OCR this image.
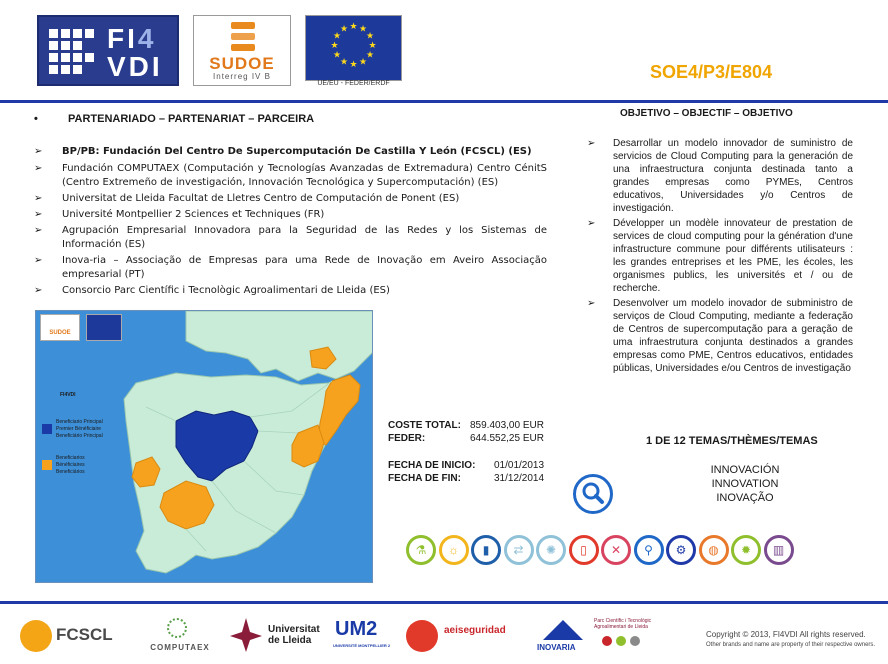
FI4
VDI	SUDOE
Interreg IV B
★ ★
★
★
★
★
★
★
★
★
★
★
UE/EU - FEDER/ERDF
SOE4/P3/E804
•	PARTENARIADO – PARTENARIAT – PARCEIRA
➢ BP/PB: Fundación Del Centro De Supercomputación De Castilla Y León (FCSCL) (ES)
➢ Fundación COMPUTAEX (Computación y Tecnologías Avanzadas de Extremadura) Centro CénitS (Centro Extremeño de investigación, Innovación Tecnológica y Supercomputación) (ES)
➢ Universitat de Lleida Facultat de Lletres Centro de Computación de Ponent (ES)
➢ Université Montpellier 2 Sciences et Techniques (FR)
➢ Agrupación Empresarial Innovadora para la Seguridad de las Redes y los Sistemas de Información (ES)
➢ Inova-ria – Associação de Empresas para uma Rede de Inovação em Aveiro Associação empresarial (PT)
➢ Consorcio Parc Científic i Tecnològic Agroalimentari de Lleida (ES)
SUDOE
FI4VDI
Beneficiario Principal
Premier Bénéficiaire
Beneficiário Principal
Beneficiarios
Bénéficiaires
Beneficiários
COSTE TOTAL: 859.403,00 EUR
FEDER:	644.552,25 EUR
FECHA DE INICIO: 01/01/2013
FECHA DE FIN:	31/12/2014
OBJETIVO – OBJECTIF – OBJETIVO
➢ Desarrollar un modelo innovador de suministro de servicios de Cloud Computing para la generación de una infraestructura conjunta destinada tanto a grandes empresas como PYMEs, Centros educativos, Universidades y/o Centros de investigación.
➢ Développer un modèle innovateur de prestation de services de cloud computing pour la génération d'une infrastructure commune pour différents utilisateurs : les grandes entreprises et les PME, les écoles, les organismes publics, les universités et / ou de recherche.
➢ Desenvolver um modelo inovador de subministro de serviços de Cloud Computing, mediante a federação de Centros de supercomputação para a geração de uma infraestrutura conjunta destinados a grandes empresas como PME, Centros educativos, entidades públicas, Universidades e/ou Centros de investigação
1 DE 12 TEMAS/THÈMES/TEMAS
INNOVACIÓN
INNOVATION
INOVAÇÃO
⚗	☼	▮	⇄	✺	▯	✕	⚲	⚙	◍	✹	▥
FCSCL
COMPUTAEX
Universitat
de Lleida
UM2
UNIVERSITÉ MONTPELLIER 2
aeiseguridad
INOVARIA
Parc Científic i Tecnològic Agroalimentari de Lleida
Copyright © 2013, FI4VDI All rights reserved.
Other brands and name are property of their respective owners.
